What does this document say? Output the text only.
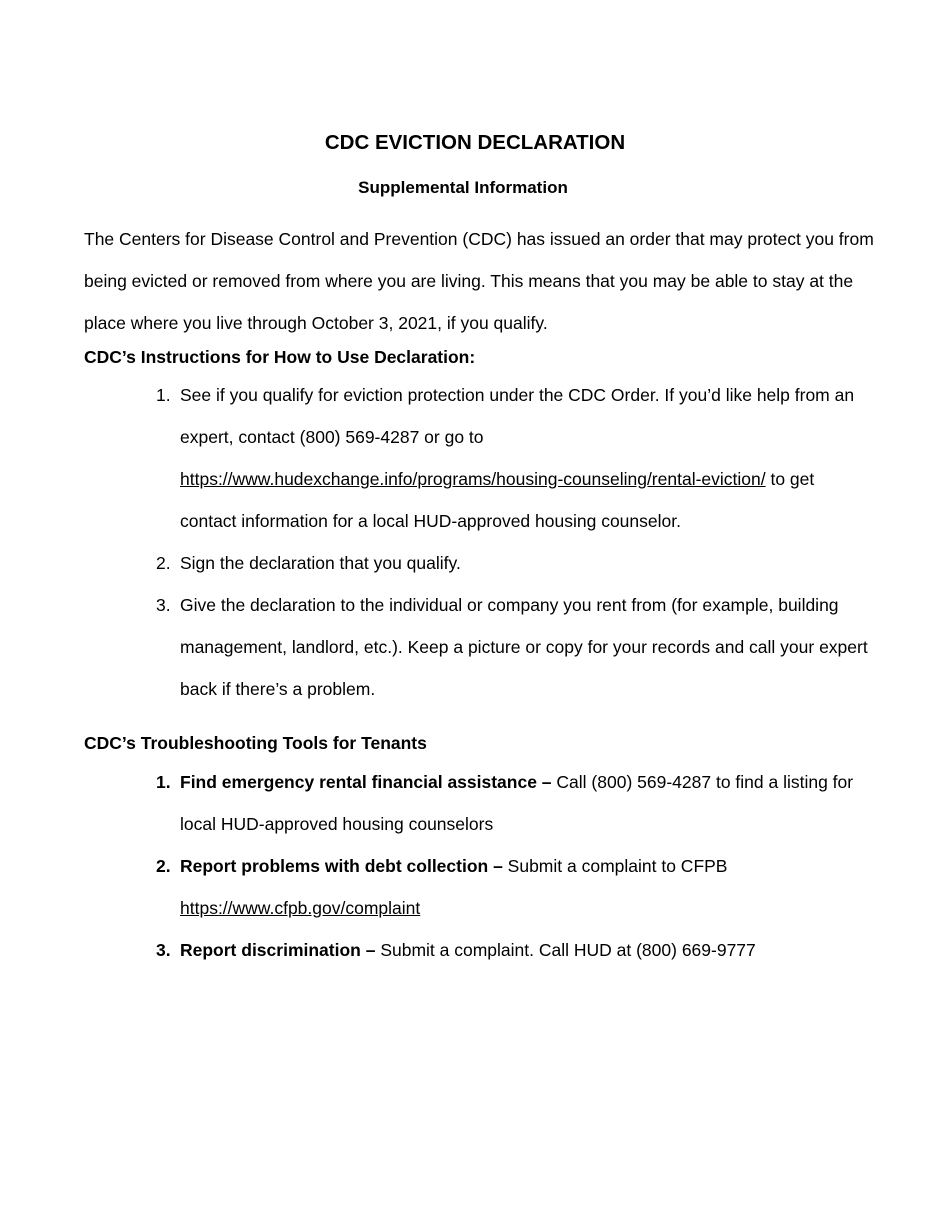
CDC EVICTION DECLARATION
Supplemental Information
The Centers for Disease Control and Prevention (CDC) has issued an order that may protect you from being evicted or removed from where you are living. This means that you may be able to stay at the place where you live through October 3, 2021, if you qualify.
CDC’s Instructions for How to Use Declaration:
1. See if you qualify for eviction protection under the CDC Order. If you’d like help from an expert, contact (800) 569-4287 or go to https://www.hudexchange.info/programs/housing-counseling/rental-eviction/ to get contact information for a local HUD-approved housing counselor.
2. Sign the declaration that you qualify.
3. Give the declaration to the individual or company you rent from (for example, building management, landlord, etc.). Keep a picture or copy for your records and call your expert back if there’s a problem.
CDC’s Troubleshooting Tools for Tenants
1. Find emergency rental financial assistance – Call (800) 569-4287 to find a listing for local HUD-approved housing counselors
2. Report problems with debt collection – Submit a complaint to CFPB https://www.cfpb.gov/complaint
3. Report discrimination – Submit a complaint. Call HUD at (800) 669-9777
